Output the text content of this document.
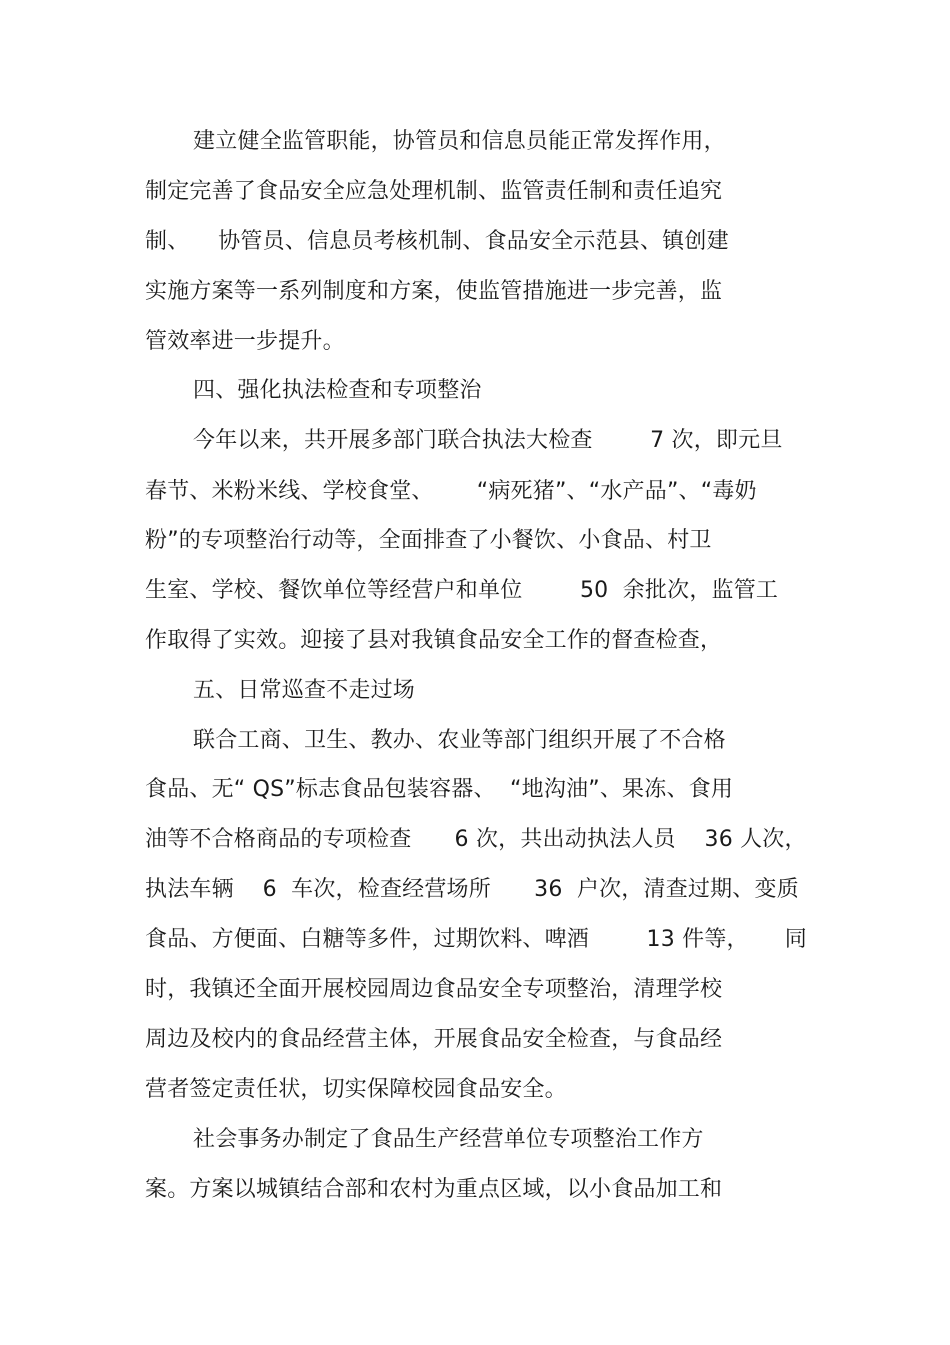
建立健全监管职能，协管员和信息员能正常发挥作用，
制定完善了食品安全应急处理机制、监管责任制和责任追究
制、    协管员、信息员考核机制、食品安全示范县、镇创建
实施方案等一系列制度和方案，使监管措施进一步完善，监
管效率进一步提升。
四、强化执法检查和专项整治
今年以来，共开展多部门联合执法大检查        7 次，即元旦
春节、米粉米线、学校食堂、      “病死猪”、“水产品”、“毒奶
粉”的专项整治行动等，全面排查了小餐饮、小食品、村卫
生室、学校、餐饮单位等经营户和单位        50  余批次，监管工
作取得了实效。迎接了县对我镇食品安全工作的督查检查，
五、日常巡查不走过场
联合工商、卫生、教办、农业等部门组织开展了不合格
食品、无“ QS”标志食品包装容器、  “地沟油”、果冻、食用
油等不合格商品的专项检查      6 次，共出动执法人员    36 人次，
执法车辆    6  车次，检查经营场所      36  户次，清查过期、变质
食品、方便面、白糖等多件，过期饮料、啤酒        13 件等，     同
时，我镇还全面开展校园周边食品安全专项整治，清理学校
周边及校内的食品经营主体，开展食品安全检查，与食品经
营者签定责任状，切实保障校园食品安全。
社会事务办制定了食品生产经营单位专项整治工作方
案。方案以城镇结合部和农村为重点区域，以小食品加工和
